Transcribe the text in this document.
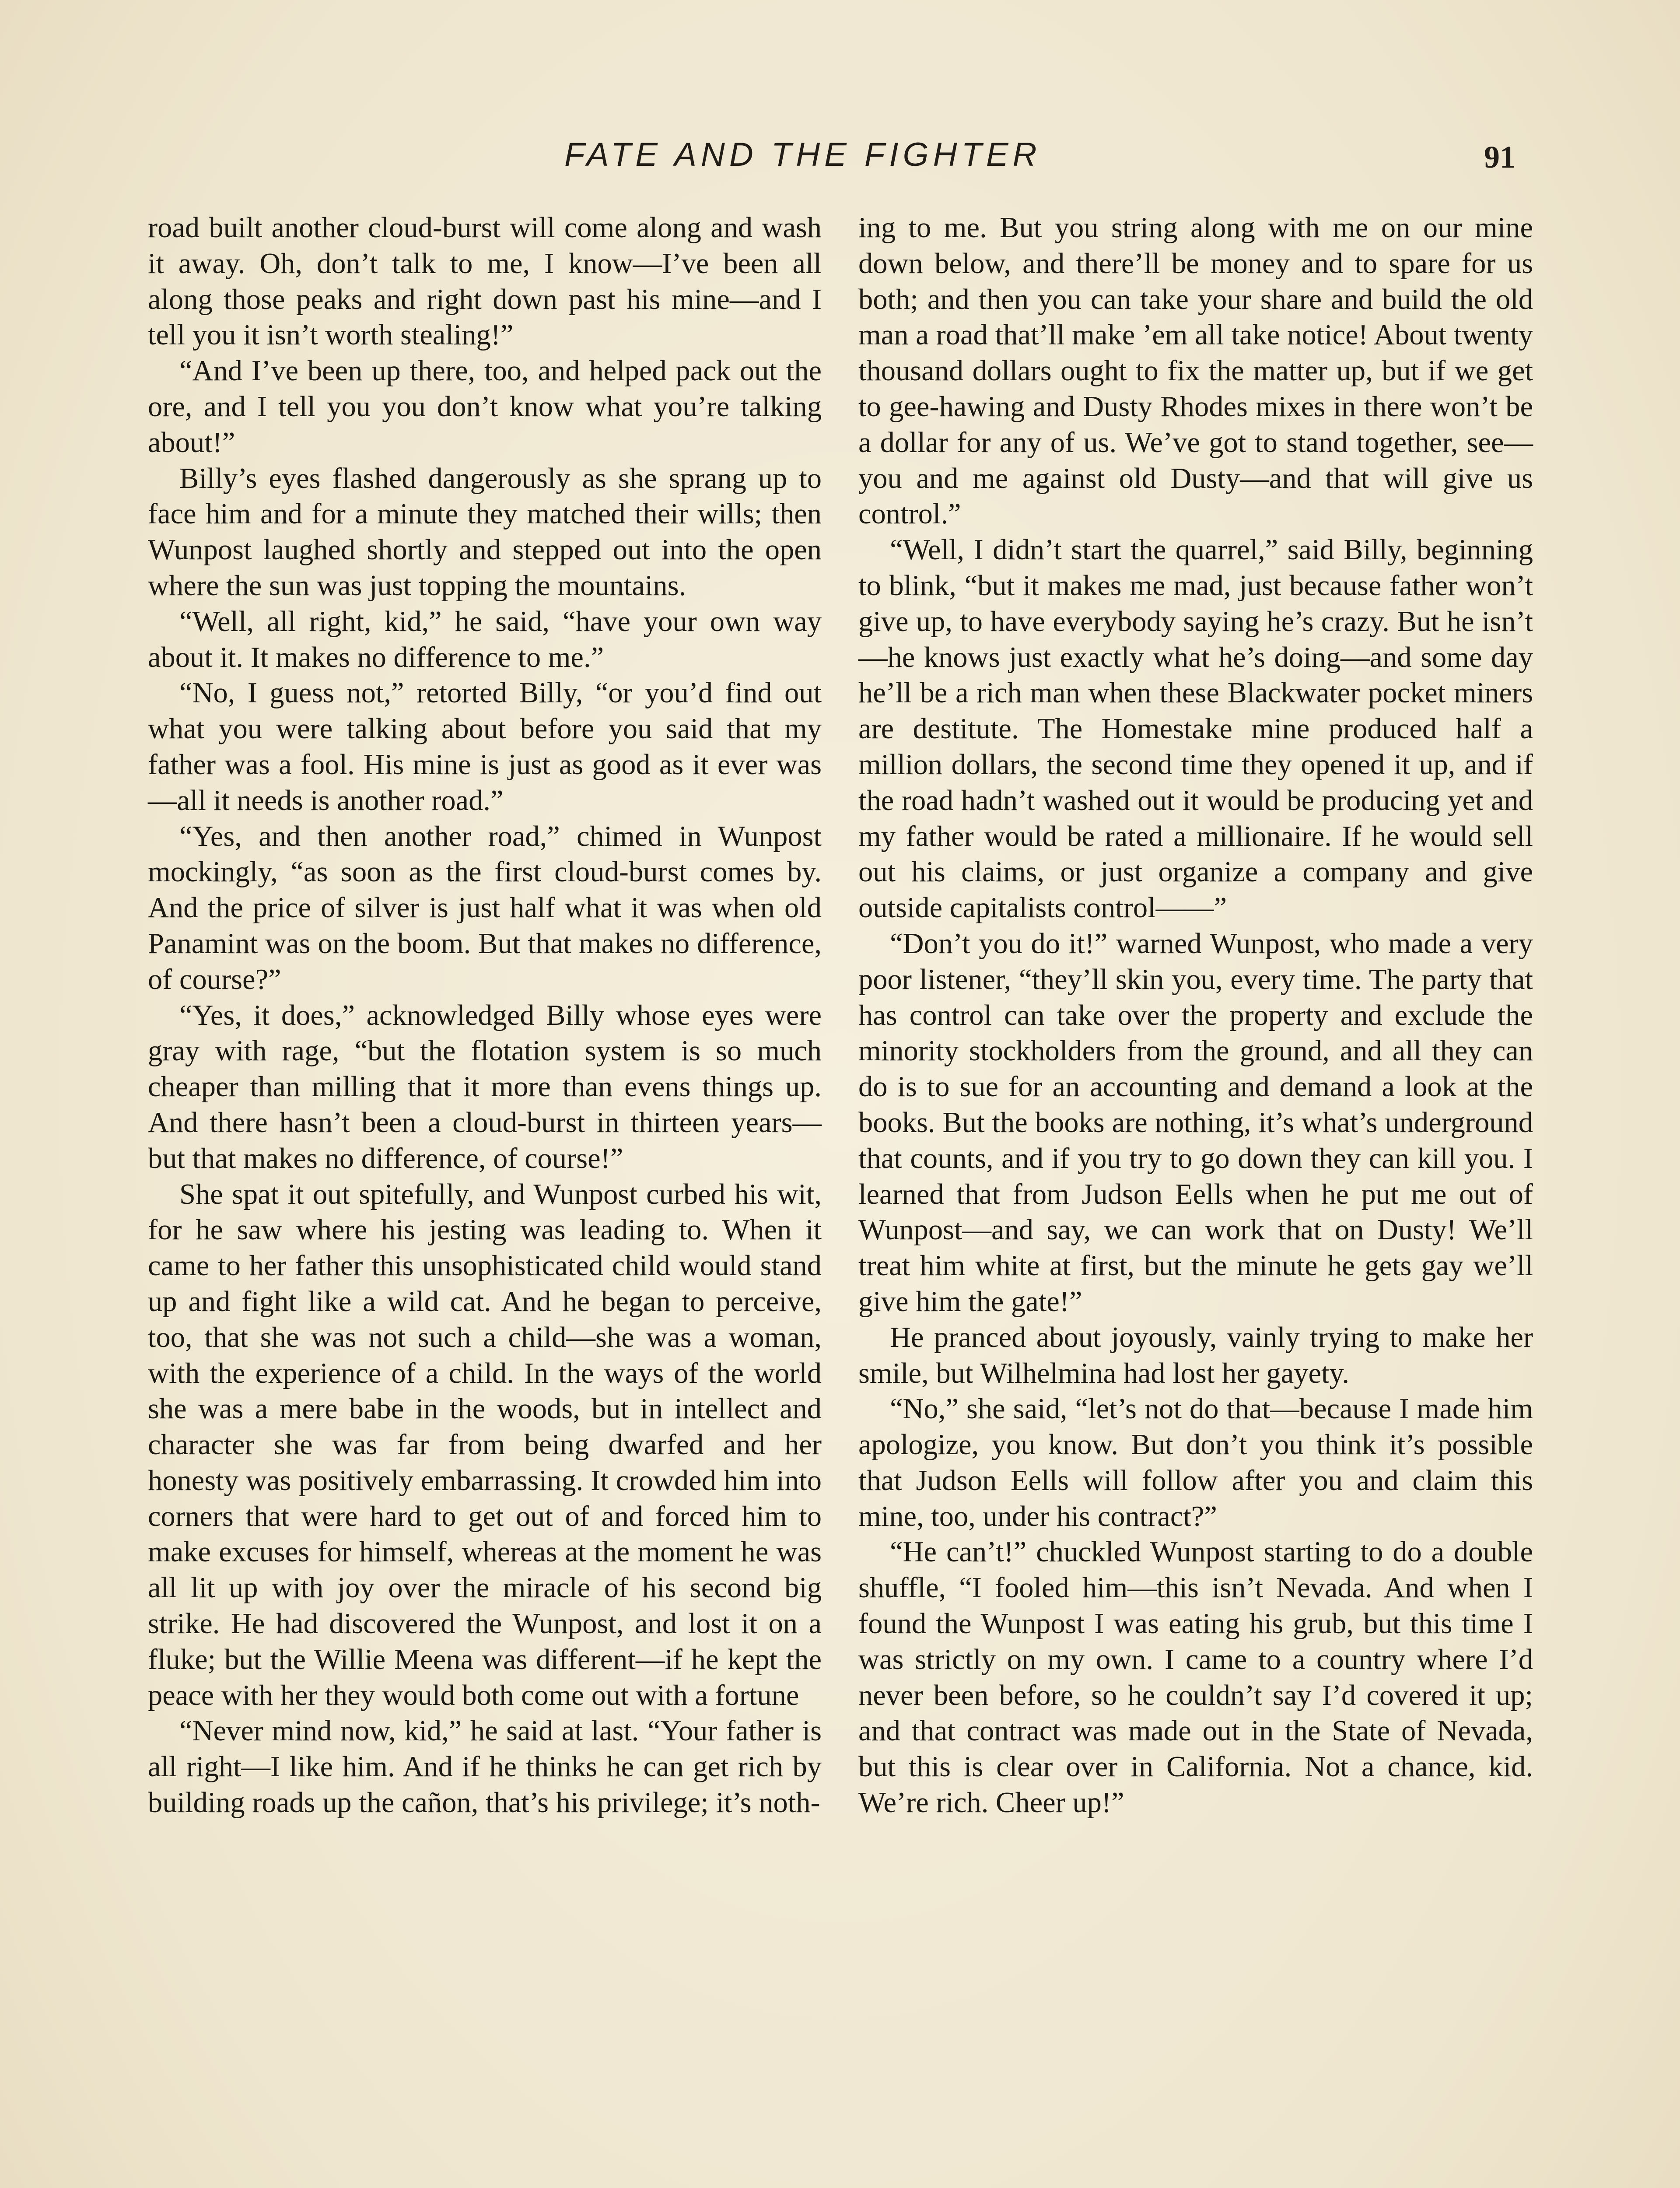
FATE AND THE FIGHTER	91

road built another cloud-burst will come along and wash it away. Oh, don’t talk to me, I know—I’ve been all along those peaks and right down past his mine—and I tell you it isn’t worth stealing!”

“And I’ve been up there, too, and helped pack out the ore, and I tell you you don’t know what you’re talking about!”

Billy’s eyes flashed dangerously as she sprang up to face him and for a minute they matched their wills; then Wunpost laughed shortly and stepped out into the open where the sun was just topping the mountains.

“Well, all right, kid,” he said, “have your own way about it. It makes no difference to me.”

“No, I guess not,” retorted Billy, “or you’d find out what you were talking about before you said that my father was a fool. His mine is just as good as it ever was—all it needs is another road.”

“Yes, and then another road,” chimed in Wunpost mockingly, “as soon as the first cloud-burst comes by. And the price of silver is just half what it was when old Panamint was on the boom. But that makes no difference, of course?”

“Yes, it does,” acknowledged Billy whose eyes were gray with rage, “but the flotation system is so much cheaper than milling that it more than evens things up. And there hasn’t been a cloud-burst in thirteen years—but that makes no difference, of course!”

She spat it out spitefully, and Wunpost curbed his wit, for he saw where his jesting was leading to. When it came to her father this unsophisticated child would stand up and fight like a wild cat. And he began to perceive, too, that she was not such a child—she was a woman, with the experience of a child. In the ways of the world she was a mere babe in the woods, but in intellect and character she was far from being dwarfed and her honesty was positively embarrassing. It crowded him into corners that were hard to get out of and forced him to make excuses for himself, whereas at the moment he was all lit up with joy over the miracle of his second big strike. He had discovered the Wunpost, and lost it on a fluke; but the Willie Meena was different—if he kept the peace with her they would both come out with a fortune

“Never mind now, kid,” he said at last. “Your father is all right—I like him. And if he thinks he can get rich by building roads up the cañon, that’s his privilege; it’s noth-

ing to me. But you string along with me on our mine down below, and there’ll be money and to spare for us both; and then you can take your share and build the old man a road that’ll make ’em all take notice! About twenty thousand dollars ought to fix the matter up, but if we get to gee-hawing and Dusty Rhodes mixes in there won’t be a dollar for any of us. We’ve got to stand together, see—you and me against old Dusty—and that will give us control.”

“Well, I didn’t start the quarrel,” said Billy, beginning to blink, “but it makes me mad, just because father won’t give up, to have everybody saying he’s crazy. But he isn’t—he knows just exactly what he’s doing—and some day he’ll be a rich man when these Blackwater pocket miners are destitute. The Homestake mine produced half a million dollars, the second time they opened it up, and if the road hadn’t washed out it would be producing yet and my father would be rated a millionaire. If he would sell out his claims, or just organize a company and give outside capitalists control——”

“Don’t you do it!” warned Wunpost, who made a very poor listener, “they’ll skin you, every time. The party that has control can take over the property and exclude the minority stockholders from the ground, and all they can do is to sue for an accounting and demand a look at the books. But the books are nothing, it’s what’s underground that counts, and if you try to go down they can kill you. I learned that from Judson Eells when he put me out of Wunpost—and say, we can work that on Dusty! We’ll treat him white at first, but the minute he gets gay we’ll give him the gate!”

He pranced about joyously, vainly trying to make her smile, but Wilhelmina had lost her gayety.

“No,” she said, “let’s not do that—because I made him apologize, you know. But don’t you think it’s possible that Judson Eells will follow after you and claim this mine, too, under his contract?”

“He can’t!” chuckled Wunpost starting to do a double shuffle, “I fooled him—this isn’t Nevada. And when I found the Wunpost I was eating his grub, but this time I was strictly on my own. I came to a country where I’d never been before, so he couldn’t say I’d covered it up; and that contract was made out in the State of Nevada, but this is clear over in California. Not a chance, kid. We’re rich. Cheer up!”
